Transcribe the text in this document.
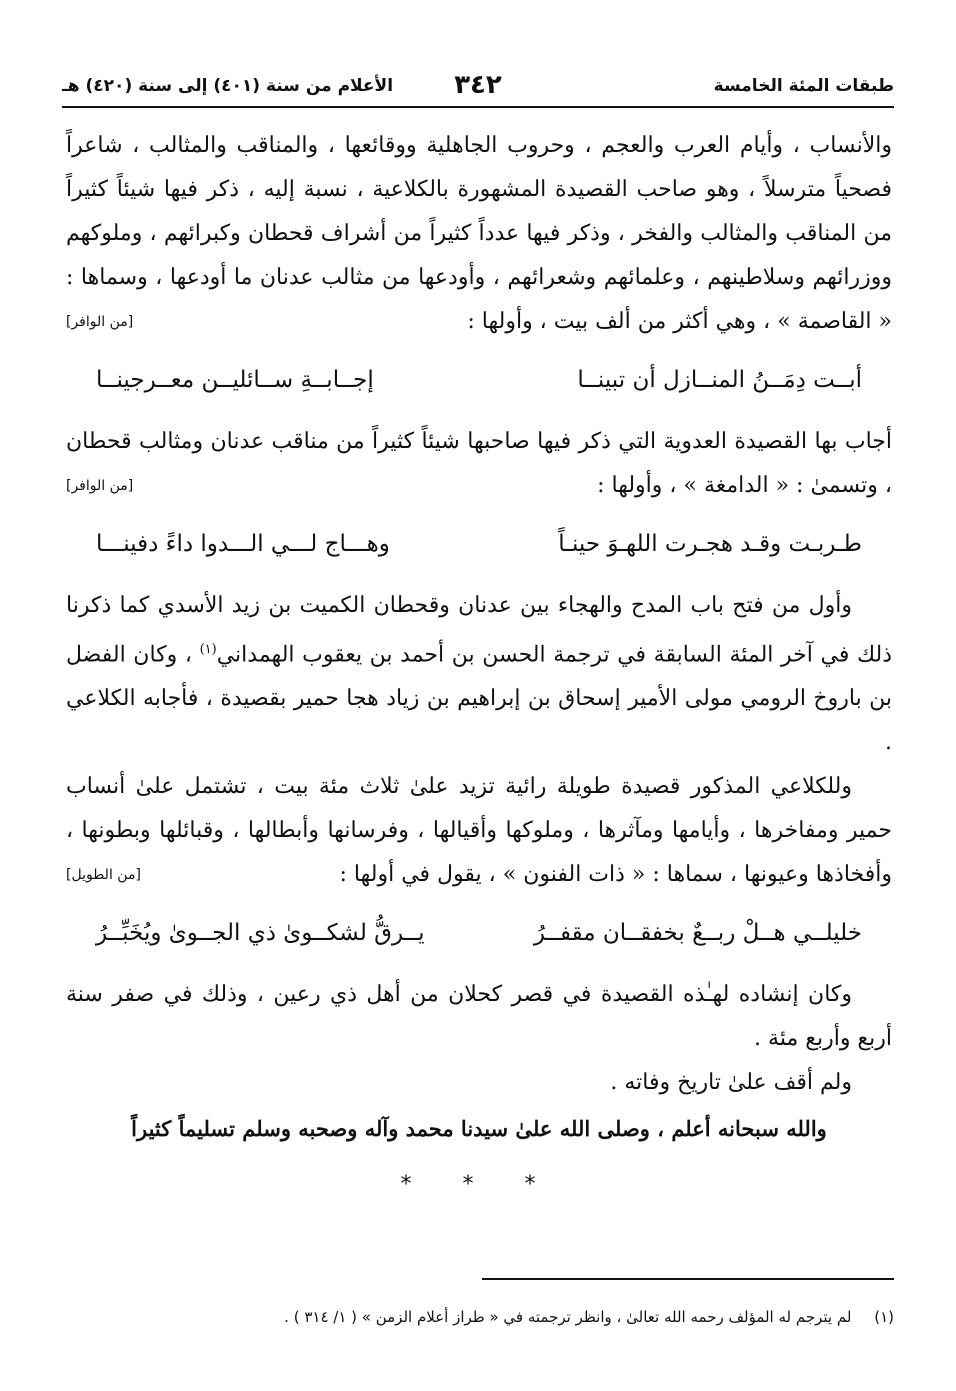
طبقات المئة الخامسة
٣٤٢
الأعلام من سنة (٤٠١) إلى سنة (٤٢٠) هـ

والأنساب ، وأيام العرب والعجم ، وحروب الجاهلية ووقائعها ، والمناقب والمثالب ، شاعراً فصحياً مترسلاً ، وهو صاحب القصيدة المشهورة بالكلاعية ، نسبة إليه ، ذكر فيها شيئاً كثيراً من المناقب والمثالب والفخر ، وذكر فيها عدداً كثيراً من أشراف قحطان وكبرائهم ، وملوكهم ووزرائهم وسلاطينهم ، وعلمائهم وشعرائهم ، وأودعها من مثالب عدنان ما أودعها ، وسماها : « القاصمة » ، وهي أكثر من ألف بيت ، وأولها :
[من الوافر]

أبــت دِمَــنُ المنــازل أن تبينــا
إجــابــةِ ســائليــن معــرجينــا

أجاب بها القصيدة العدوية التي ذكر فيها صاحبها شيئاً كثيراً من مناقب عدنان ومثالب قحطان ، وتسمىٰ : « الدامغة » ، وأولها :
[من الوافر]

طـربـت وقـد هجـرت اللهـوَ حينـاً
وهـــاج لـــي الـــدوا داءً دفينـــا

وأول من فتح باب المدح والهجاء بين عدنان وقحطان الكميت بن زيد الأسدي كما ذكرنا ذلك في آخر المئة السابقة في ترجمة الحسن بن أحمد بن يعقوب الهمداني$^{(١)}$ ، وكان الفضل بن باروخ الرومي مولى الأمير إسحاق بن إبراهيم بن زياد هجا حمير بقصيدة ، فأجابه الكلاعي .

وللكلاعي المذكور قصيدة طويلة رائية تزيد علىٰ ثلاث مئة بيت ، تشتمل علىٰ أنساب حمير ومفاخرها ، وأيامها ومآثرها ، وملوكها وأقيالها ، وفرسانها وأبطالها ، وقبائلها وبطونها ، وأفخاذها وعيونها ، سماها : « ذات الفنون » ، يقول في أولها :
[من الطويل]

خليلــي هــلْ ربــعٌ بخفقــان مقفــرُ
يــرقُّ لشكــوىٰ ذي الجــوىٰ ويُخَبِّــرُ

وكان إنشاده لهـٰذه القصيدة في قصر كحلان من أهل ذي رعين ، وذلك في صفر سنة أربع وأربع مئة .

ولم أقف علىٰ تاريخ وفاته .

والله سبحانه أعلم ، وصلى الله علىٰ سيدنا محمد وآله وصحبه وسلم تسليماً كثيراً
* * *
(١) لم يترجم له المؤلف رحمه الله تعالىٰ ، وانظر ترجمته في « طراز أعلام الزمن » ( ١/ ٣١٤ ) .
